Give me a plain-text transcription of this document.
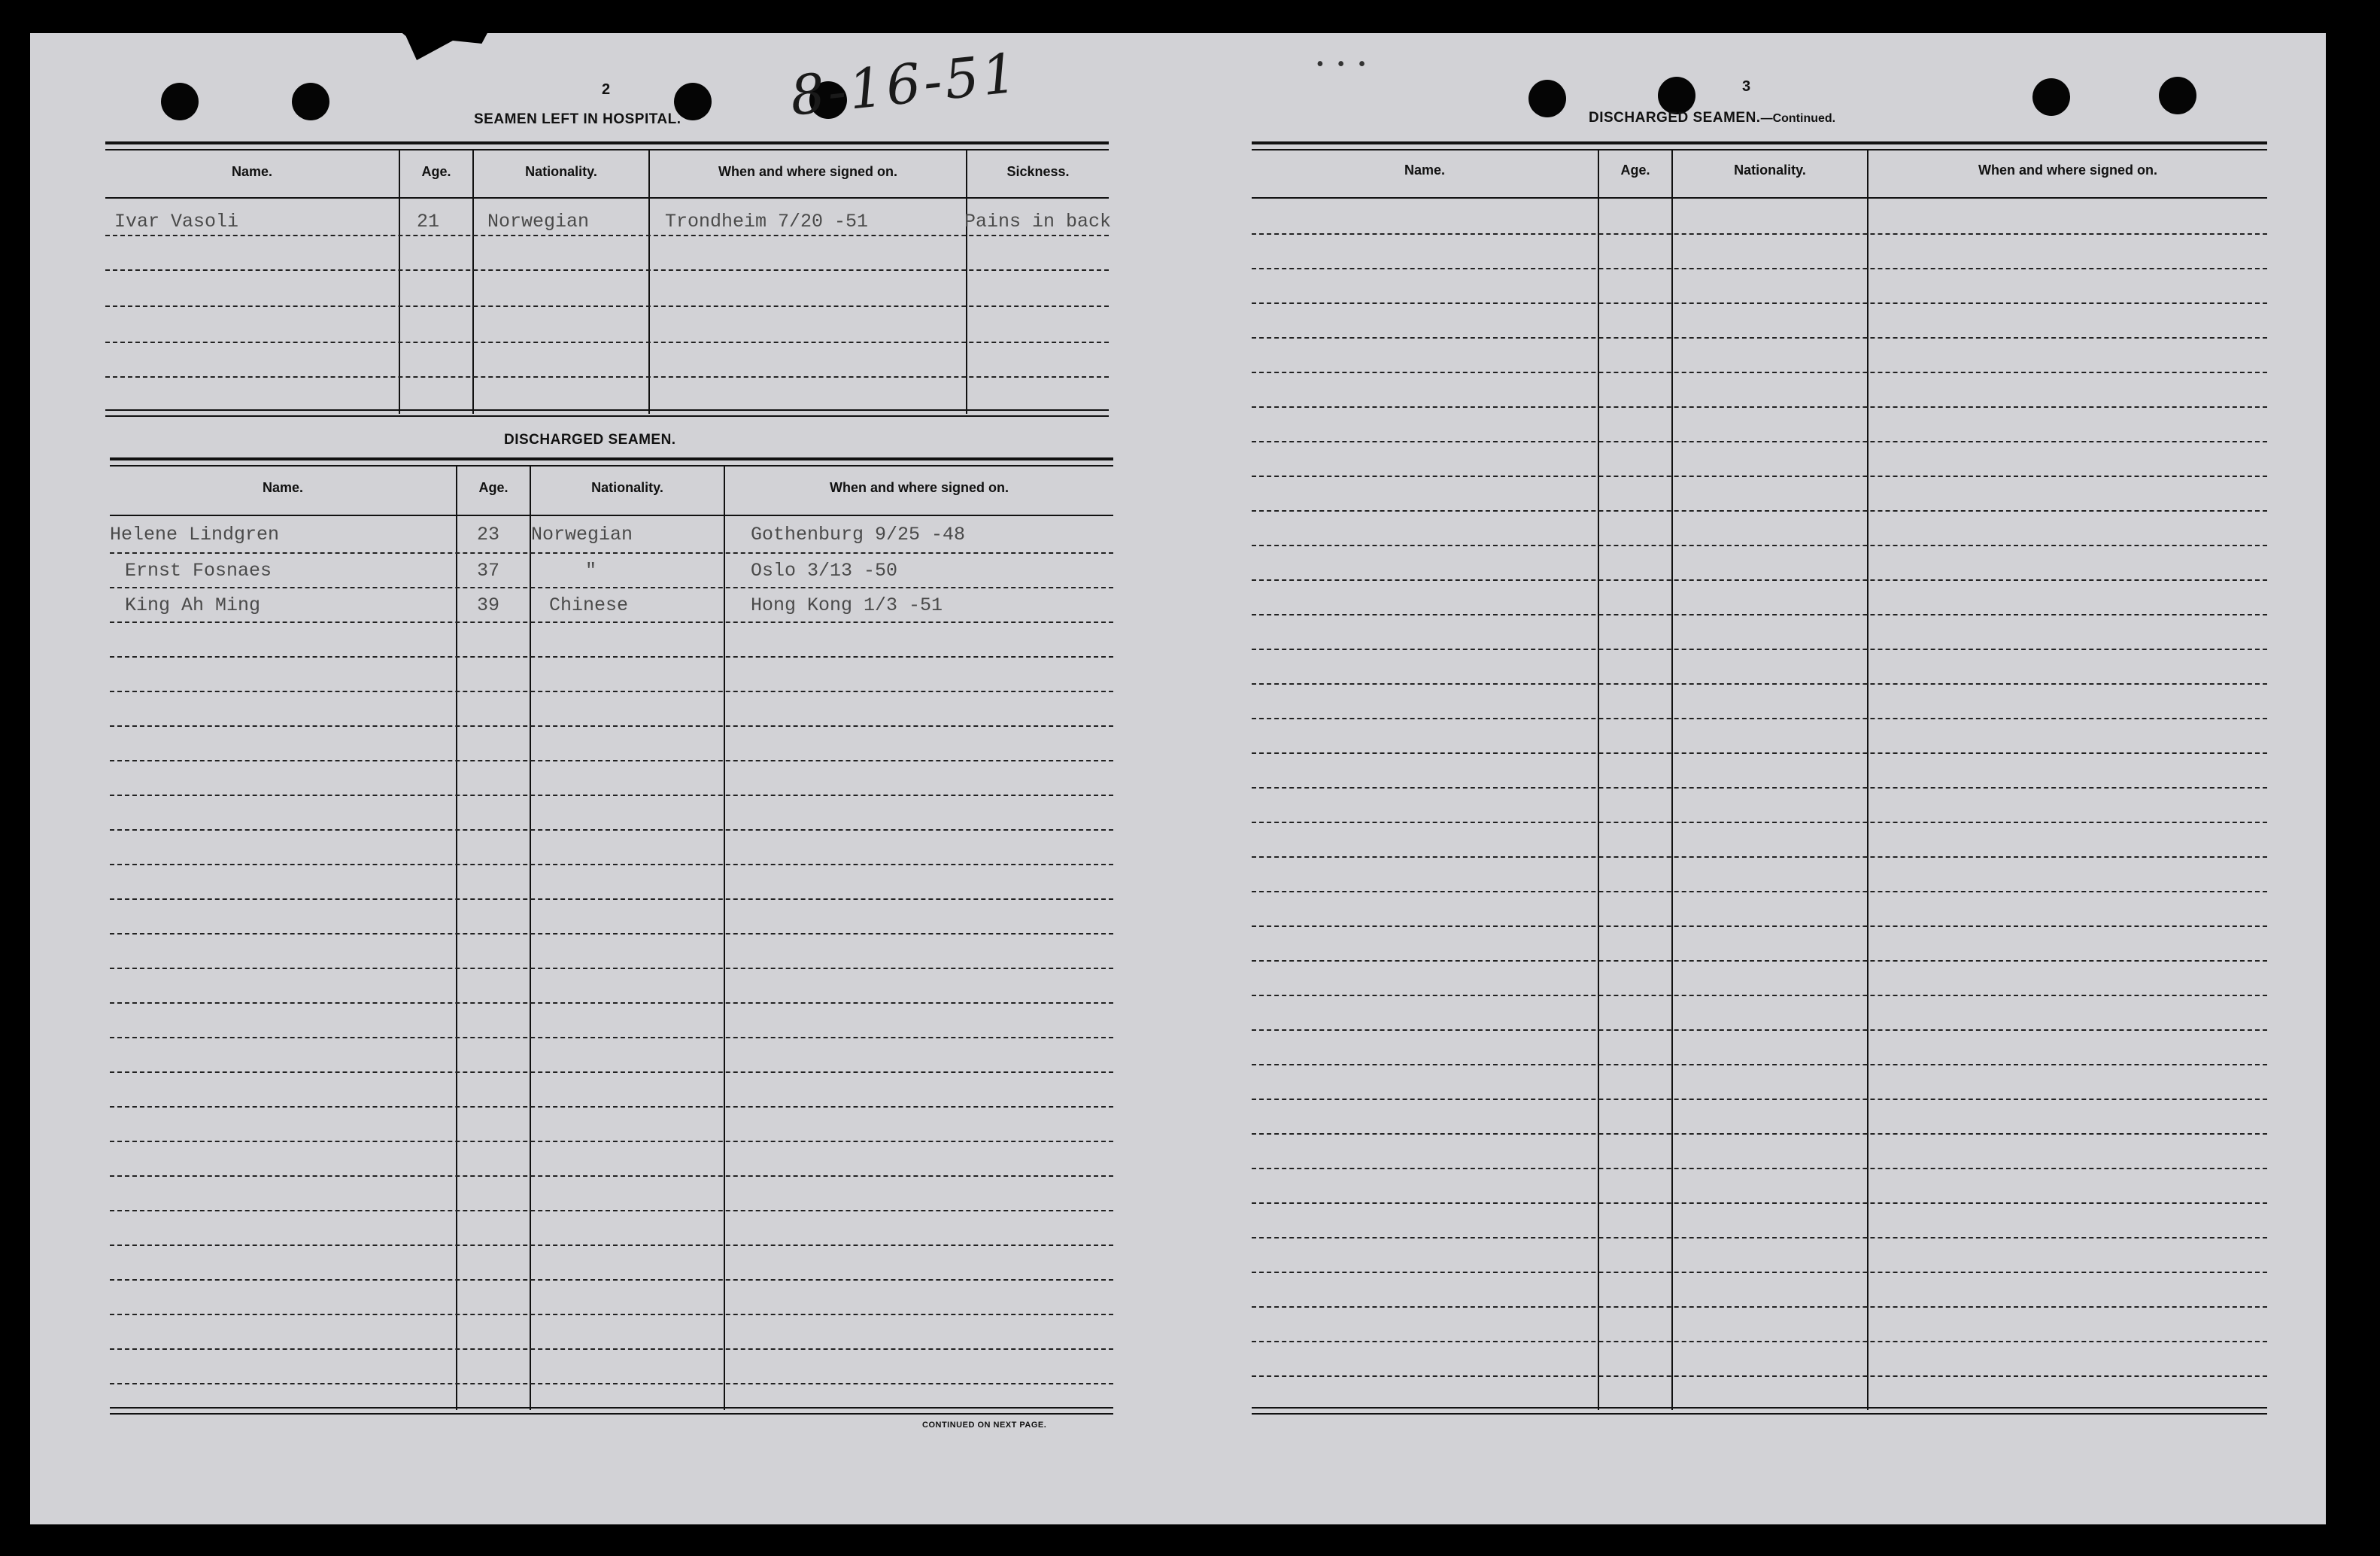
8-16-51	•••
2
SEAMEN LEFT IN HOSPITAL.
Name.	Age.	Nationality.	When and where signed on.	Sickness.
Ivar Vasoli	21	Norwegian	Trondheim 7/20 -51	Pains in back
DISCHARGED SEAMEN.
Name.	Age.	Nationality.	When and where signed on.
Helene Lindgren	23 Norwegian	Gothenburg 9/25 -48
Ernst Fosnaes	37	"	Oslo 3/13 -50
King Ah Ming	39	Chinese	Hong Kong 1/3 -51
CONTINUED ON NEXT PAGE.
3
DISCHARGED SEAMEN.—Continued.
Name.	Age.	Nationality.	When and where signed on.
